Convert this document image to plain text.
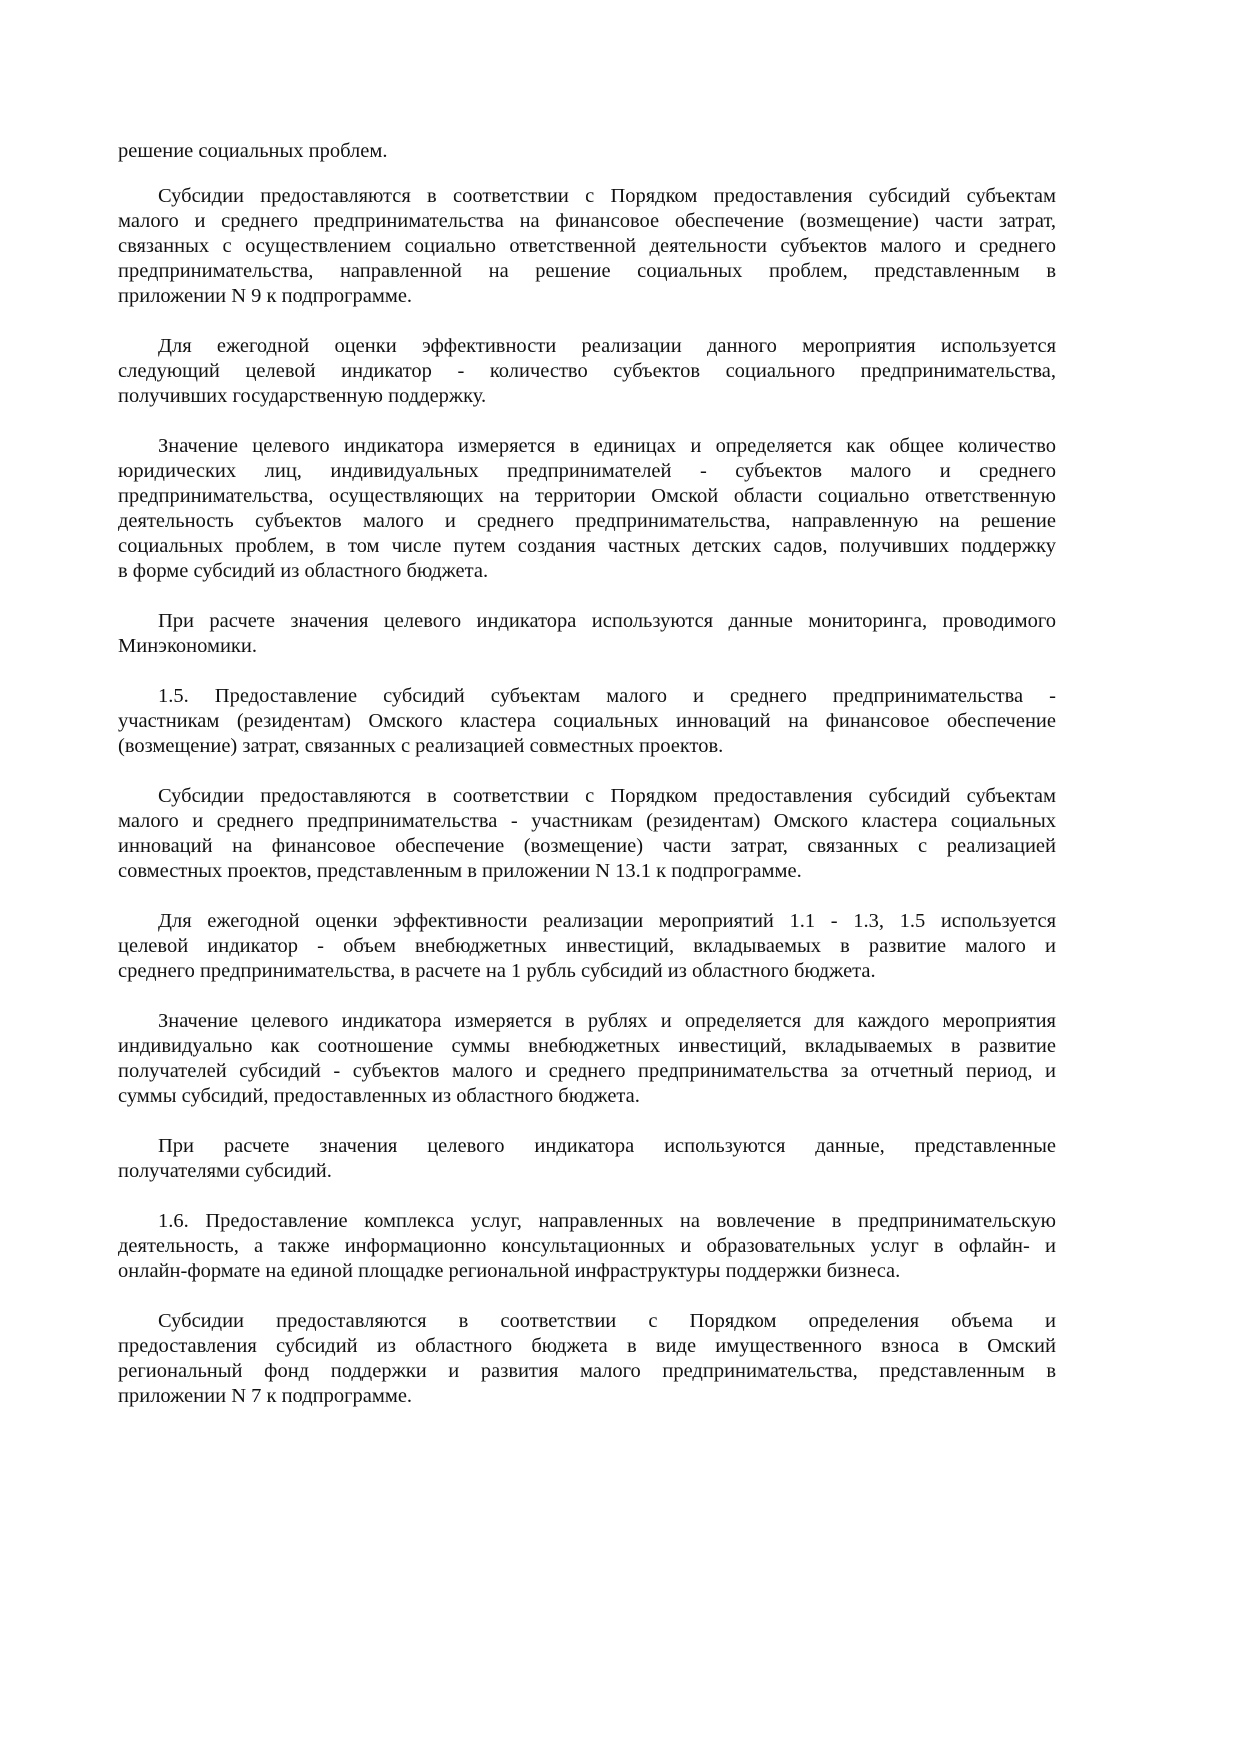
решение социальных проблем.
Субсидии предоставляются в соответствии с Порядком предоставления субсидий субъектам
малого и среднего предпринимательства на финансовое обеспечение (возмещение) части затрат,
связанных с осуществлением социально ответственной деятельности субъектов малого и среднего
предпринимательства, направленной на решение социальных проблем, представленным в
приложении N 9 к подпрограмме.
Для ежегодной оценки эффективности реализации данного мероприятия используется
следующий целевой индикатор - количество субъектов социального предпринимательства,
получивших государственную поддержку.
Значение целевого индикатора измеряется в единицах и определяется как общее количество
юридических лиц, индивидуальных предпринимателей - субъектов малого и среднего
предпринимательства, осуществляющих на территории Омской области социально ответственную
деятельность субъектов малого и среднего предпринимательства, направленную на решение
социальных проблем, в том числе путем создания частных детских садов, получивших поддержку
в форме субсидий из областного бюджета.
При расчете значения целевого индикатора используются данные мониторинга, проводимого
Минэкономики.
1.5. Предоставление субсидий субъектам малого и среднего предпринимательства -
участникам (резидентам) Омского кластера социальных инноваций на финансовое обеспечение
(возмещение) затрат, связанных с реализацией совместных проектов.
Субсидии предоставляются в соответствии с Порядком предоставления субсидий субъектам
малого и среднего предпринимательства - участникам (резидентам) Омского кластера социальных
инноваций на финансовое обеспечение (возмещение) части затрат, связанных с реализацией
совместных проектов, представленным в приложении N 13.1 к подпрограмме.
Для ежегодной оценки эффективности реализации мероприятий 1.1 - 1.3, 1.5 используется
целевой индикатор - объем внебюджетных инвестиций, вкладываемых в развитие малого и
среднего предпринимательства, в расчете на 1 рубль субсидий из областного бюджета.
Значение целевого индикатора измеряется в рублях и определяется для каждого мероприятия
индивидуально как соотношение суммы внебюджетных инвестиций, вкладываемых в развитие
получателей субсидий - субъектов малого и среднего предпринимательства за отчетный период, и
суммы субсидий, предоставленных из областного бюджета.
При расчете значения целевого индикатора используются данные, представленные
получателями субсидий.
1.6. Предоставление комплекса услуг, направленных на вовлечение в предпринимательскую
деятельность, а также информационно консультационных и образовательных услуг в офлайн- и
онлайн-формате на единой площадке региональной инфраструктуры поддержки бизнеса.
Субсидии предоставляются в соответствии с Порядком определения объема и
предоставления субсидий из областного бюджета в виде имущественного взноса в Омский
региональный фонд поддержки и развития малого предпринимательства, представленным в
приложении N 7 к подпрограмме.
